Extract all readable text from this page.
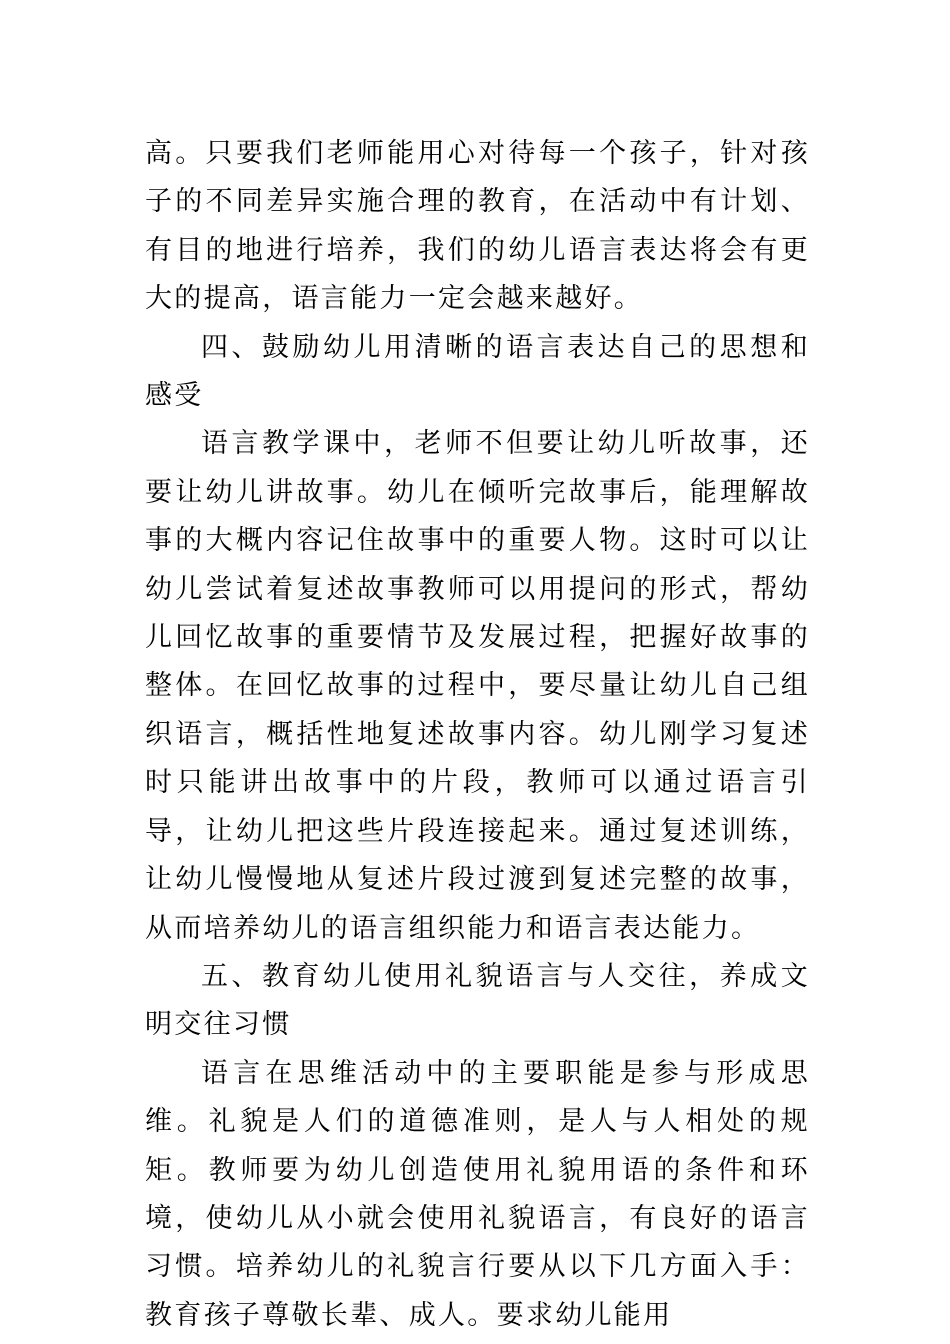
高。只要我们老师能用心对待每一个孩子，针对孩子的不同差异实施合理的教育，在活动中有计划、有目的地进行培养，我们的幼儿语言表达将会有更大的提高，语言能力一定会越来越好。

四、鼓励幼儿用清晰的语言表达自己的思想和感受

语言教学课中，老师不但要让幼儿听故事，还要让幼儿讲故事。幼儿在倾听完故事后，能理解故事的大概内容记住故事中的重要人物。这时可以让幼儿尝试着复述故事教师可以用提问的形式，帮幼儿回忆故事的重要情节及发展过程，把握好故事的整体。在回忆故事的过程中，要尽量让幼儿自己组织语言，概括性地复述故事内容。幼儿刚学习复述时只能讲出故事中的片段，教师可以通过语言引导，让幼儿把这些片段连接起来。通过复述训练，让幼儿慢慢地从复述片段过渡到复述完整的故事，从而培养幼儿的语言组织能力和语言表达能力。

五、教育幼儿使用礼貌语言与人交往，养成文明交往习惯

语言在思维活动中的主要职能是参与形成思维。礼貌是人们的道德准则，是人与人相处的规矩。教师要为幼儿创造使用礼貌用语的条件和环境，使幼儿从小就会使用礼貌语言，有良好的语言习惯。培养幼儿的礼貌言行要从以下几方面入手：教育孩子尊敬长辈、成人。要求幼儿能用
